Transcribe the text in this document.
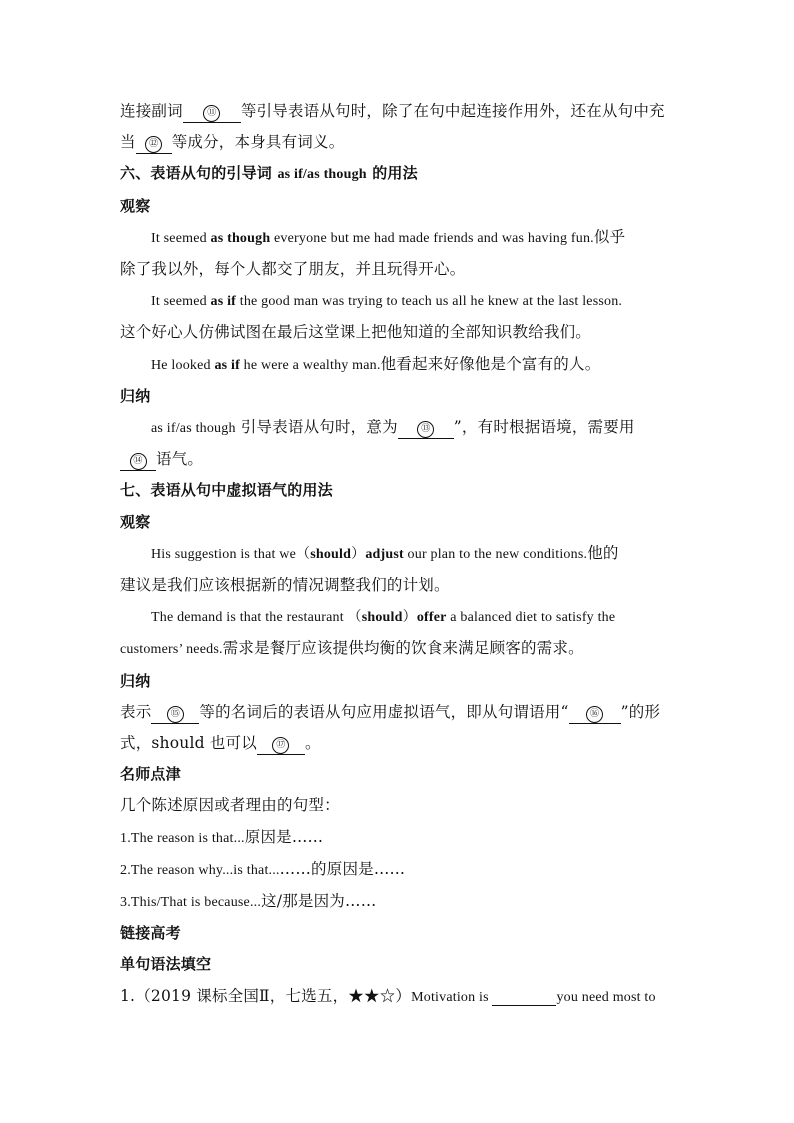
连接副词	⑪ 等引导表语从句时，除了在句中起连接作用外，还在从句中充
当 ⑫ 等成分，本身具有词义。
六、表语从句的引导词 as if/as though 的用法
观察
It seemed as though everyone but me had made friends and was having fun.似乎
除了我以外，每个人都交了朋友，并且玩得开心。
It seemed as if the good man was trying to teach us all he knew at the last lesson.
这个好心人仿佛试图在最后这堂课上把他知道的全部知识教给我们。
He looked as if he were a wealthy man.他看起来好像他是个富有的人。
归纳
as if/as though 引导表语从句时，意为	⑬ ”，有时根据语境，需要用
⑭ 语气。
七、表语从句中虚拟语气的用法
观察
His suggestion is that we（should）adjust our plan to the new conditions.他的
建议是我们应该根据新的情况调整我们的计划。
The demand is that the restaurant （should）offer a balanced diet to satisfy the
customers’ needs.需求是餐厅应该提供均衡的饮食来满足顾客的需求。
归纳
表示 ⑮ 等的名词后的表语从句应用虚拟语气，即从句谓语用“ ⑯ ”的形
式，should 也可以 ⑰ 。
名师点津
几个陈述原因或者理由的句型：
1.The reason is that...原因是……
2.The reason why...is that...……的原因是……
3.This/That is because...这/那是因为……
链接高考
单句语法填空
1.（2019 课标全国Ⅱ，七选五，★★☆）Motivation is	you need most to
